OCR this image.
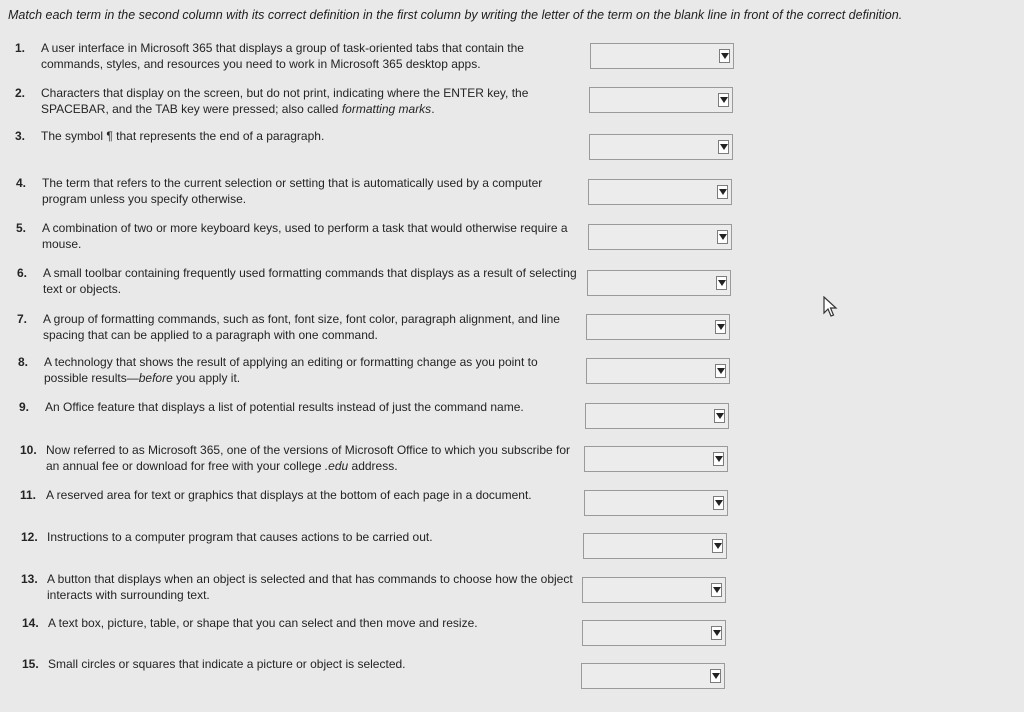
Match each term in the second column with its correct definition in the first column by writing the letter of the term on the blank line in front of the correct definition.
1. A user interface in Microsoft 365 that displays a group of task-oriented tabs that contain the commands, styles, and resources you need to work in Microsoft 365 desktop apps.
2. Characters that display on the screen, but do not print, indicating where the ENTER key, the SPACEBAR, and the TAB key were pressed; also called formatting marks.
3. The symbol ¶ that represents the end of a paragraph.
4. The term that refers to the current selection or setting that is automatically used by a computer program unless you specify otherwise.
5. A combination of two or more keyboard keys, used to perform a task that would otherwise require a mouse.
6. A small toolbar containing frequently used formatting commands that displays as a result of selecting text or objects.
7. A group of formatting commands, such as font, font size, font color, paragraph alignment, and line spacing that can be applied to a paragraph with one command.
8. A technology that shows the result of applying an editing or formatting change as you point to possible results—before you apply it.
9. An Office feature that displays a list of potential results instead of just the command name.
10. Now referred to as Microsoft 365, one of the versions of Microsoft Office to which you subscribe for an annual fee or download for free with your college .edu address.
11. A reserved area for text or graphics that displays at the bottom of each page in a document.
12. Instructions to a computer program that causes actions to be carried out.
13. A button that displays when an object is selected and that has commands to choose how the object interacts with surrounding text.
14. A text box, picture, table, or shape that you can select and then move and resize.
15. Small circles or squares that indicate a picture or object is selected.
